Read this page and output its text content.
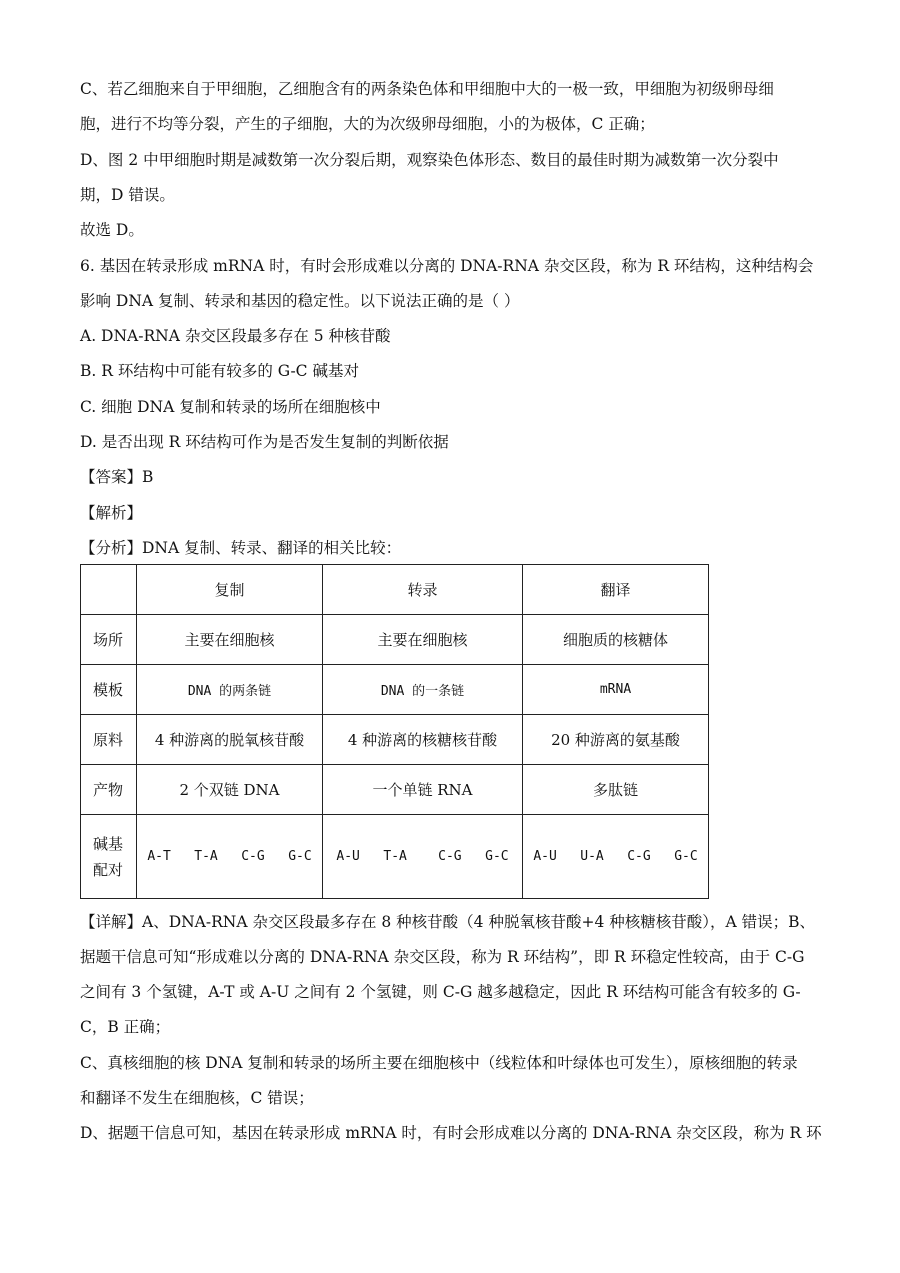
C、若乙细胞来自于甲细胞，乙细胞含有的两条染色体和甲细胞中大的一极一致，甲细胞为初级卵母细
胞，进行不均等分裂，产生的子细胞，大的为次级卵母细胞，小的为极体，C 正确；
D、图 2 中甲细胞时期是减数第一次分裂后期，观察染色体形态、数目的最佳时期为减数第一次分裂中
期，D 错误。
故选 D。
6. 基因在转录形成 mRNA 时，有时会形成难以分离的 DNA-RNA 杂交区段，称为 R 环结构，这种结构会
影响 DNA 复制、转录和基因的稳定性。以下说法正确的是（ ）
A. DNA-RNA 杂交区段最多存在 5 种核苷酸
B. R 环结构中可能有较多的 G-C 碱基对
C. 细胞 DNA 复制和转录的场所在细胞核中
D. 是否出现 R 环结构可作为是否发生复制的判断依据
【答案】B
【解析】
【分析】DNA 复制、转录、翻译的相关比较：
	复制	转录	翻译
场所	主要在细胞核	主要在细胞核	细胞质的核糖体
模板	DNA 的两条链	DNA 的一条链	mRNA
原料	4 种游离的脱氧核苷酸	4 种游离的核糖核苷酸	20 种游离的氨基酸
产物	2 个双链 DNA	一个单链 RNA	多肽链
碱基
配对	A-T   T-A   C-G   G-C	A-U   T-A    C-G   G-C	A-U   U-A   C-G   G-C
【详解】A、DNA-RNA 杂交区段最多存在 8 种核苷酸（4 种脱氧核苷酸+4 种核糖核苷酸），A 错误；B、
据题干信息可知“形成难以分离的 DNA-RNA 杂交区段，称为 R 环结构”，即 R 环稳定性较高，由于 C-G
之间有 3 个氢键，A-T 或 A-U 之间有 2 个氢键，则 C-G 越多越稳定，因此 R 环结构可能含有较多的 G-
C，B 正确；
C、真核细胞的核 DNA 复制和转录的场所主要在细胞核中（线粒体和叶绿体也可发生），原核细胞的转录
和翻译不发生在细胞核，C 错误；
D、据题干信息可知，基因在转录形成 mRNA 时，有时会形成难以分离的 DNA-RNA 杂交区段，称为 R 环
